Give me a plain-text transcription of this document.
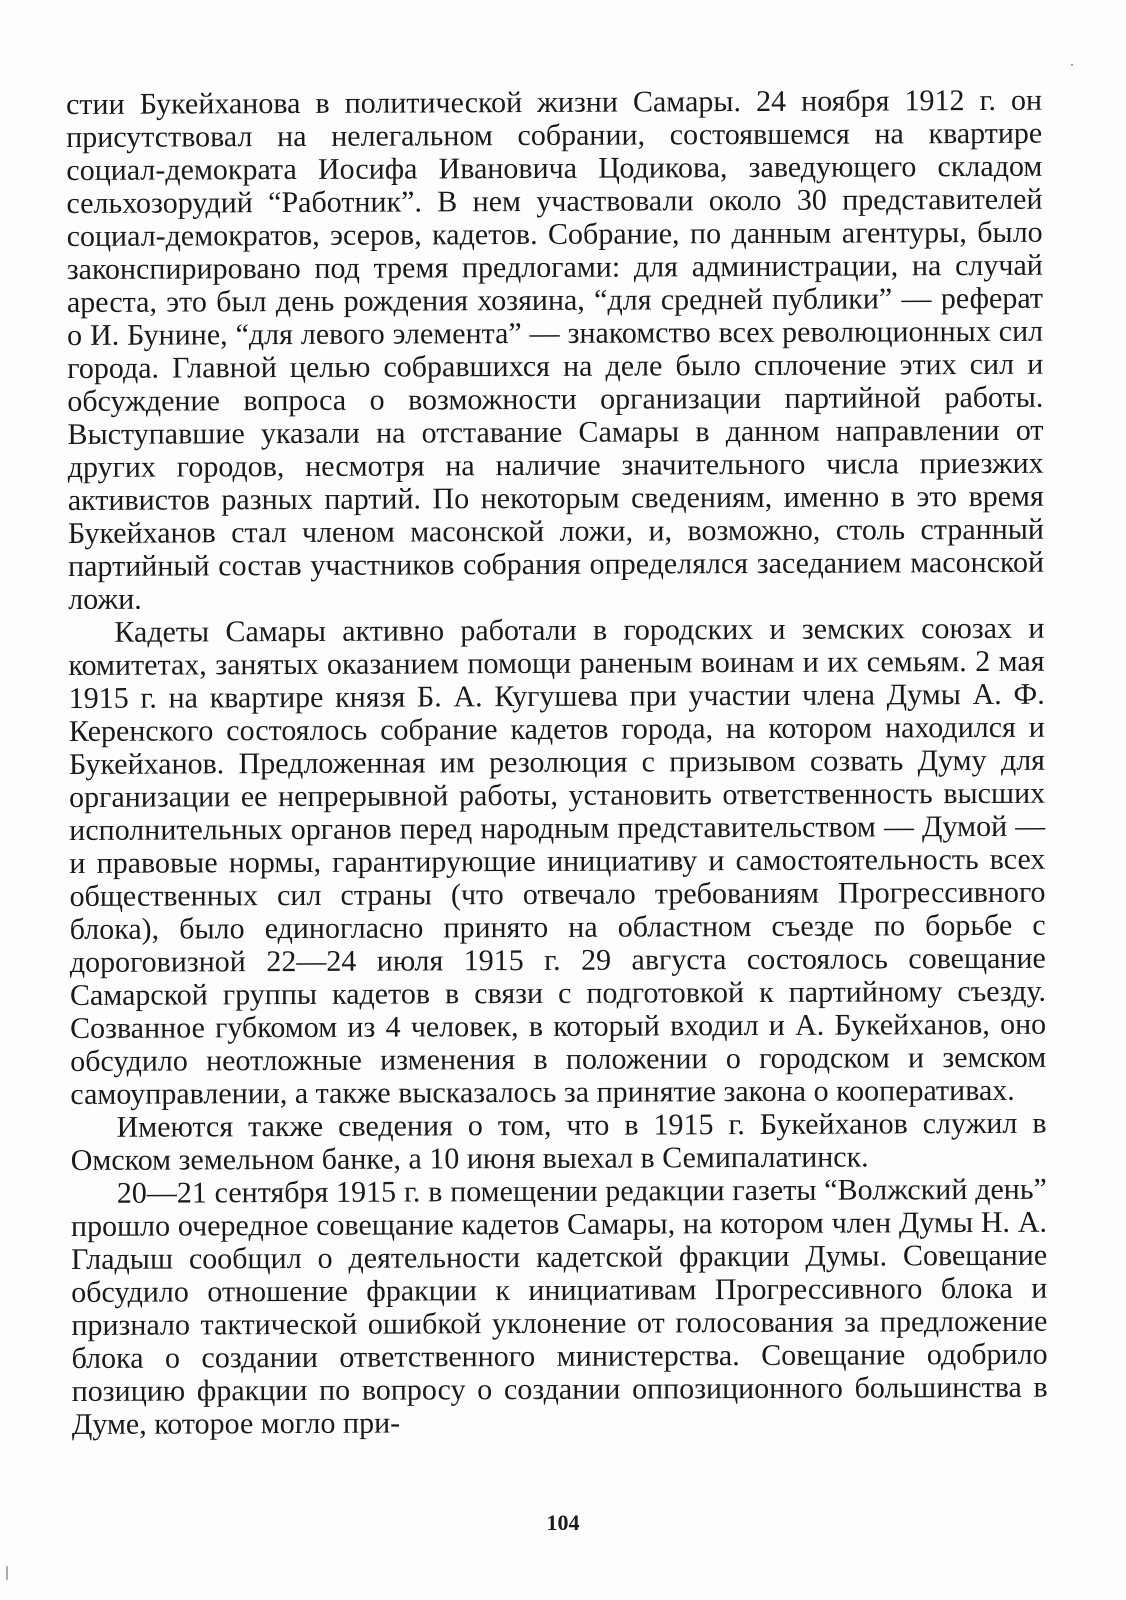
стии Букейханова в политической жизни Самары. 24 ноября 1912 г. он присутствовал на нелегальном собрании, состоявшемся на квартире социал-демократа Иосифа Ивановича Цодикова, заведующего складом сельхозорудий “Работник”. В нем участвовали около 30 представителей социал-демократов, эсеров, кадетов. Собрание, по данным агентуры, было законспирировано под тремя предлогами: для администрации, на случай ареста, это был день рождения хозяина, “для средней публики” — реферат о И. Бунине, “для левого элемента” — знакомство всех революционных сил города. Главной целью собравшихся на деле было сплочение этих сил и обсуждение вопроса о возможности организации партийной работы. Выступавшие указали на отставание Самары в данном направлении от других городов, несмотря на наличие значительного числа приезжих активистов разных партий. По некоторым сведениям, именно в это время Букейханов стал членом масонской ложи, и, возможно, столь странный партийный состав участников собрания определялся заседанием масонской ложи.

Кадеты Самары активно работали в городских и земских союзах и комитетах, занятых оказанием помощи раненым воинам и их семьям. 2 мая 1915 г. на квартире князя Б. А. Кугушева при участии члена Думы А. Ф. Керенского состоялось собрание кадетов города, на котором находился и Букейханов. Предложенная им резолюция с призывом созвать Думу для организации ее непрерывной работы, установить ответственность высших исполнительных органов перед народным представительством — Думой — и правовые нормы, гарантирующие инициативу и самостоятельность всех общественных сил страны (что отвечало требованиям Прогрессивного блока), было единогласно принято на областном съезде по борьбе с дороговизной 22—24 июля 1915 г. 29 августа состоялось совещание Самарской группы кадетов в связи с подготовкой к партийному съезду. Созванное губкомом из 4 человек, в который входил и А. Букейханов, оно обсудило неотложные изменения в положении о городском и земском самоуправлении, а также высказалось за принятие закона о кооперативах.

Имеются также сведения о том, что в 1915 г. Букейханов служил в Омском земельном банке, а 10 июня выехал в Семипалатинск.

20—21 сентября 1915 г. в помещении редакции газеты “Волжский день” прошло очередное совещание кадетов Самары, на котором член Думы Н. А. Гладыш сообщил о деятельности кадетской фракции Думы. Совещание обсудило отношение фракции к инициативам Прогрессивного блока и признало тактической ошибкой уклонение от голосования за предложение блока о создании ответственного министерства. Совещание одобрило позицию фракции по вопросу о создании оппозиционного большинства в Думе, которое могло при-

104
